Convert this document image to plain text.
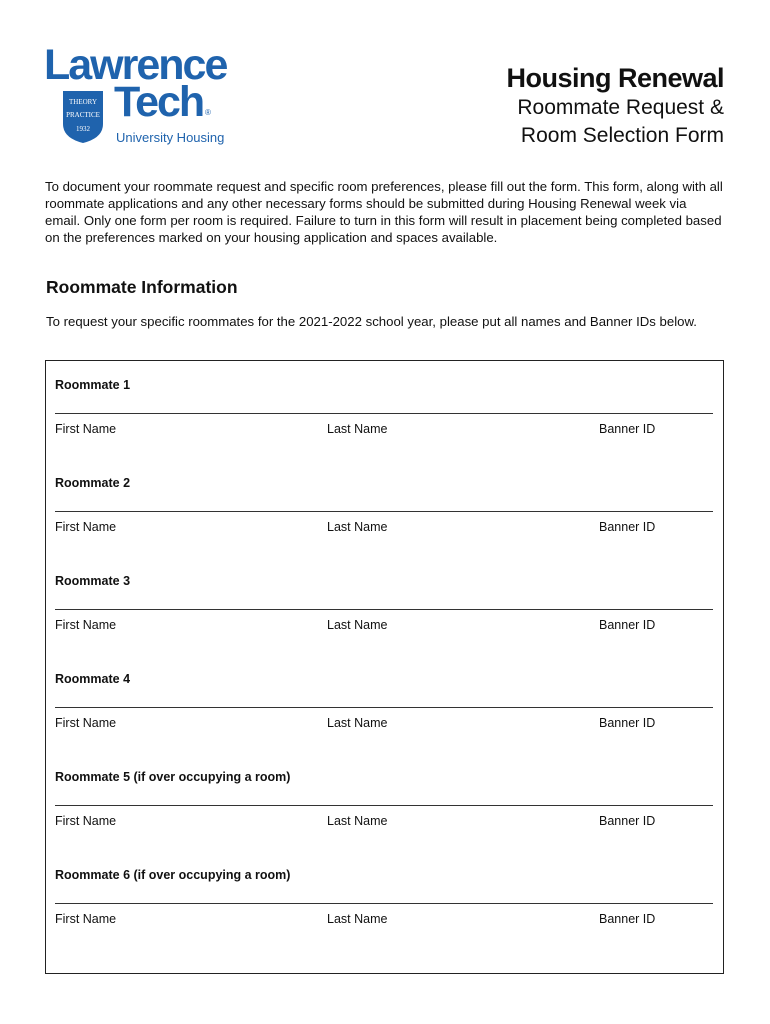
Lawrence
Tech ®
THEORY
PRACTICE
1932
University Housing
Housing Renewal
Roommate Request &
Room Selection Form
To document your roommate request and specific room preferences, please fill out the form. This form, along with all roommate applications and any other necessary forms should be submitted during Housing Renewal week via email. Only one form per room is required. Failure to turn in this form will result in placement being completed based on the preferences marked on your housing application and spaces available.
Roommate Information
To request your specific roommates for the 2021-2022 school year, please put all names and Banner IDs below.
Roommate 1
First Name	Last Name	Banner ID
Roommate 2
First Name	Last Name	Banner ID
Roommate 3
First Name	Last Name	Banner ID
Roommate 4
First Name	Last Name	Banner ID
Roommate 5 (if over occupying a room)
First Name	Last Name	Banner ID
Roommate 6 (if over occupying a room)
First Name	Last Name	Banner ID
